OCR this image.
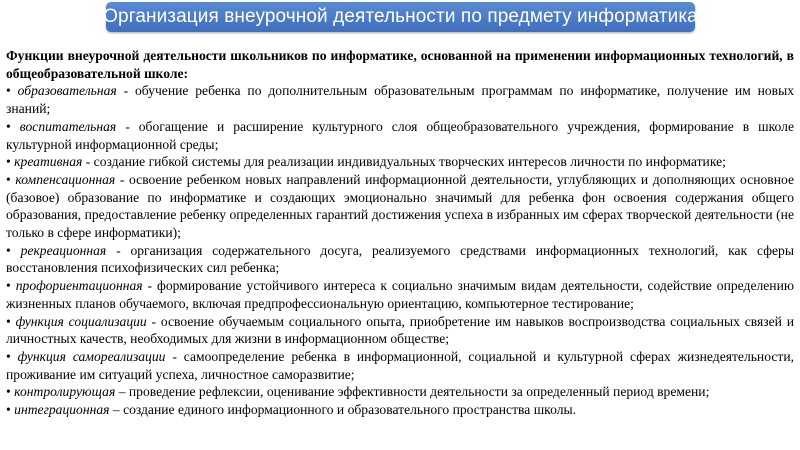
Организация внеурочной деятельности по предмету информатика

Функции внеурочной деятельности школьников по информатике, основанной на применении информационных технологий, в общеобразовательной школе:

• образовательная - обучение ребенка по дополнительным образовательным программам по информатике, получение им новых знаний;

• воспитательная - обогащение и расширение культурного слоя общеобразовательного учреждения, формирование в школе культурной информационной среды;

• креативная - создание гибкой системы для реализации индивидуальных творческих интересов личности по информатике;

• компенсационная - освоение ребенком новых направлений информационной деятельности, углубляющих и дополняющих основное (базовое) образование по информатике и создающих эмоционально значимый для ребенка фон освоения содержания общего образования, предоставление ребенку определенных гарантий достижения успеха в избранных им сферах творческой деятельности (не только в сфере информатики);

• рекреационная - организация содержательного досуга, реализуемого средствами информационных технологий, как сферы восстановления психофизических сил ребенка;

• профориентационная - формирование устойчивого интереса к социально значимым видам деятельности, содействие определению жизненных планов обучаемого, включая предпрофессиональную ориентацию, компьютерное тестирование;

• функция социализации - освоение обучаемым социального опыта, приобретение им навыков воспроизводства социальных связей и личностных качеств, необходимых для жизни в информационном обществе;

• функция самореализации - самоопределение ребенка в информационной, социальной и культурной сферах жизнедеятельности, проживание им ситуаций успеха, личностное саморазвитие;

• контролирующая – проведение рефлексии, оценивание эффективности деятельности за определенный период времени;

• интеграционная – создание единого информационного и образовательного пространства школы.
